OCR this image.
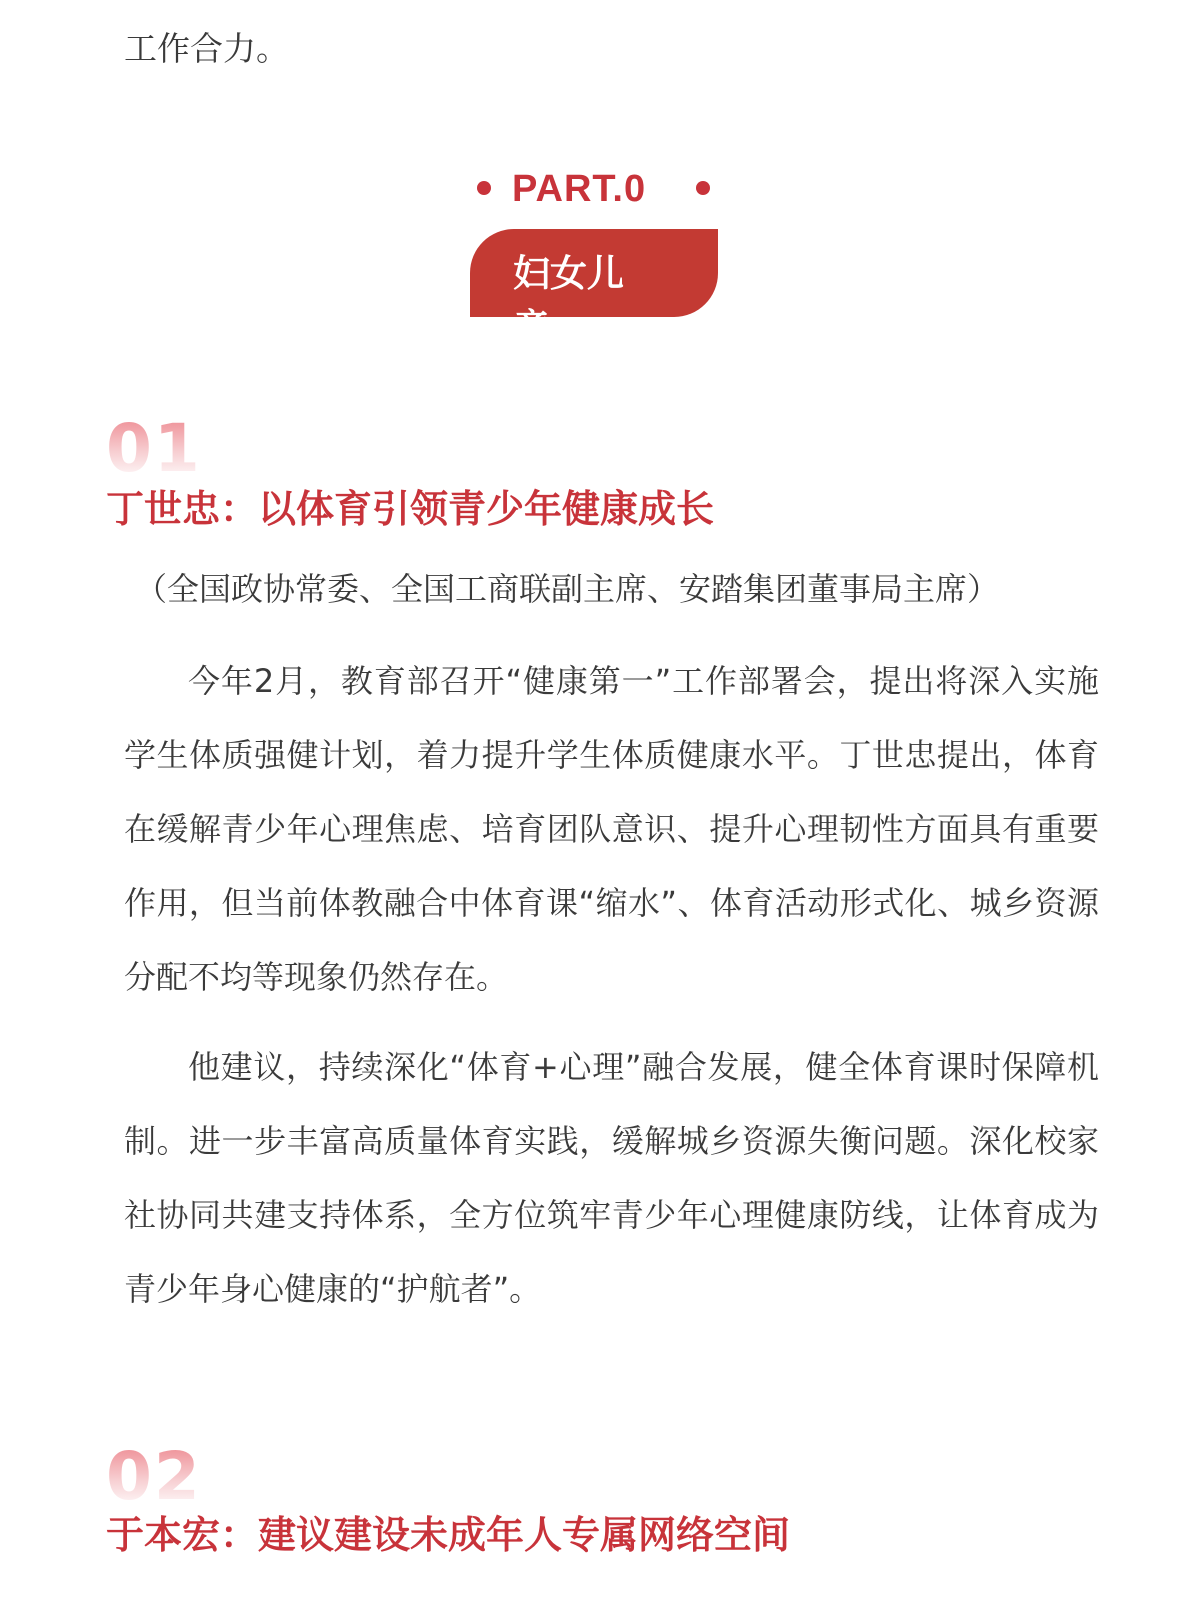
工作合力。
PART.0
妇女儿童
01
丁世忠：以体育引领青少年健康成长
（全国政协常委、全国工商联副主席、安踏集团董事局主席）
今年2月，教育部召开“健康第一”工作部署会，提出将深入实施学生体质强健计划，着力提升学生体质健康水平。丁世忠提出，体育在缓解青少年心理焦虑、培育团队意识、提升心理韧性方面具有重要作用，但当前体教融合中体育课“缩水”、体育活动形式化、城乡资源分配不均等现象仍然存在。
他建议，持续深化“体育+心理”融合发展，健全体育课时保障机制。进一步丰富高质量体育实践，缓解城乡资源失衡问题。深化校家社协同共建支持体系，全方位筑牢青少年心理健康防线，让体育成为青少年身心健康的“护航者”。
02
于本宏：建议建设未成年人专属网络空间
